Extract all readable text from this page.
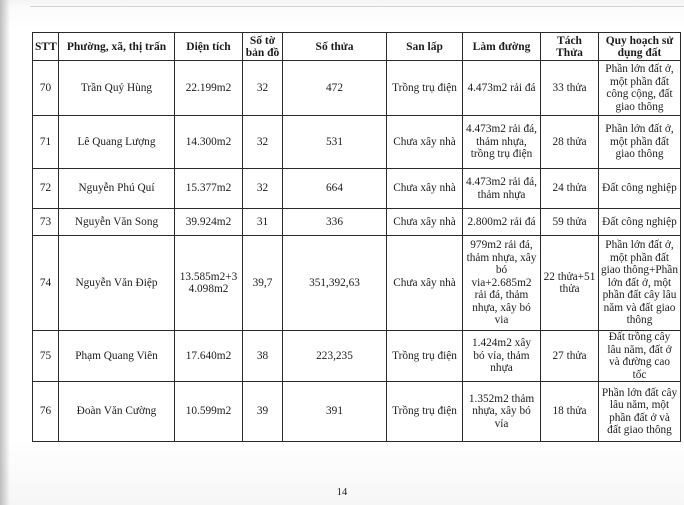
STT	Phường, xã, thị trấn	Diện tích	Số tờ bản đồ	Số thửa	San lấp	Làm đường	Tách Thửa	Quy hoạch sử dụng đất
70	Trần Quý Hùng	22.199m2	32	472	Trồng trụ điện	4.473m2 rải đá	33 thửa	Phần lớn đất ở, một phần đất công cộng, đất giao thông
71	Lê Quang Lượng	14.300m2	32	531	Chưa xây nhà	4.473m2 rải đá, thảm nhựa, trồng trụ điện	28 thửa	Phần lớn đất ở, một phần đất giao thông
72	Nguyễn Phú Quí	15.377m2	32	664	Chưa xây nhà	4.473m2 rải đá, thảm nhựa	24 thửa	Đất công nghiệp
73	Nguyễn Văn Song	39.924m2	31	336	Chưa xây nhà	2.800m2 rải đá	59 thửa	Đất công nghiệp
74	Nguyễn Văn Điệp	13.585m2+3 4.098m2	39,7	351,392,63	Chưa xây nhà	979m2 rải đá, thảm nhựa, xây bó via+2.685m2 rải đá, thảm nhựa, xây bó via	22 thửa+51 thửa	Phần lớn đất ở, một phần đất giao thông+Phần lớn đất ở, một phần đất cây lâu năm và đất giao thông
75	Phạm Quang Viên	17.640m2	38	223,235	Trồng trụ điện	1.424m2 xây bó vỉa, thảm nhựa	27 thửa	Đất trồng cây lâu năm, đất ở và đường cao tốc
76	Đoàn Văn Cường	10.599m2	39	391	Trồng trụ điện	1.352m2 thảm nhựa, xây bó vỉa	18 thửa	Phần lớn đất cây lâu năm, một phần đất ở và đất giao thông
14
